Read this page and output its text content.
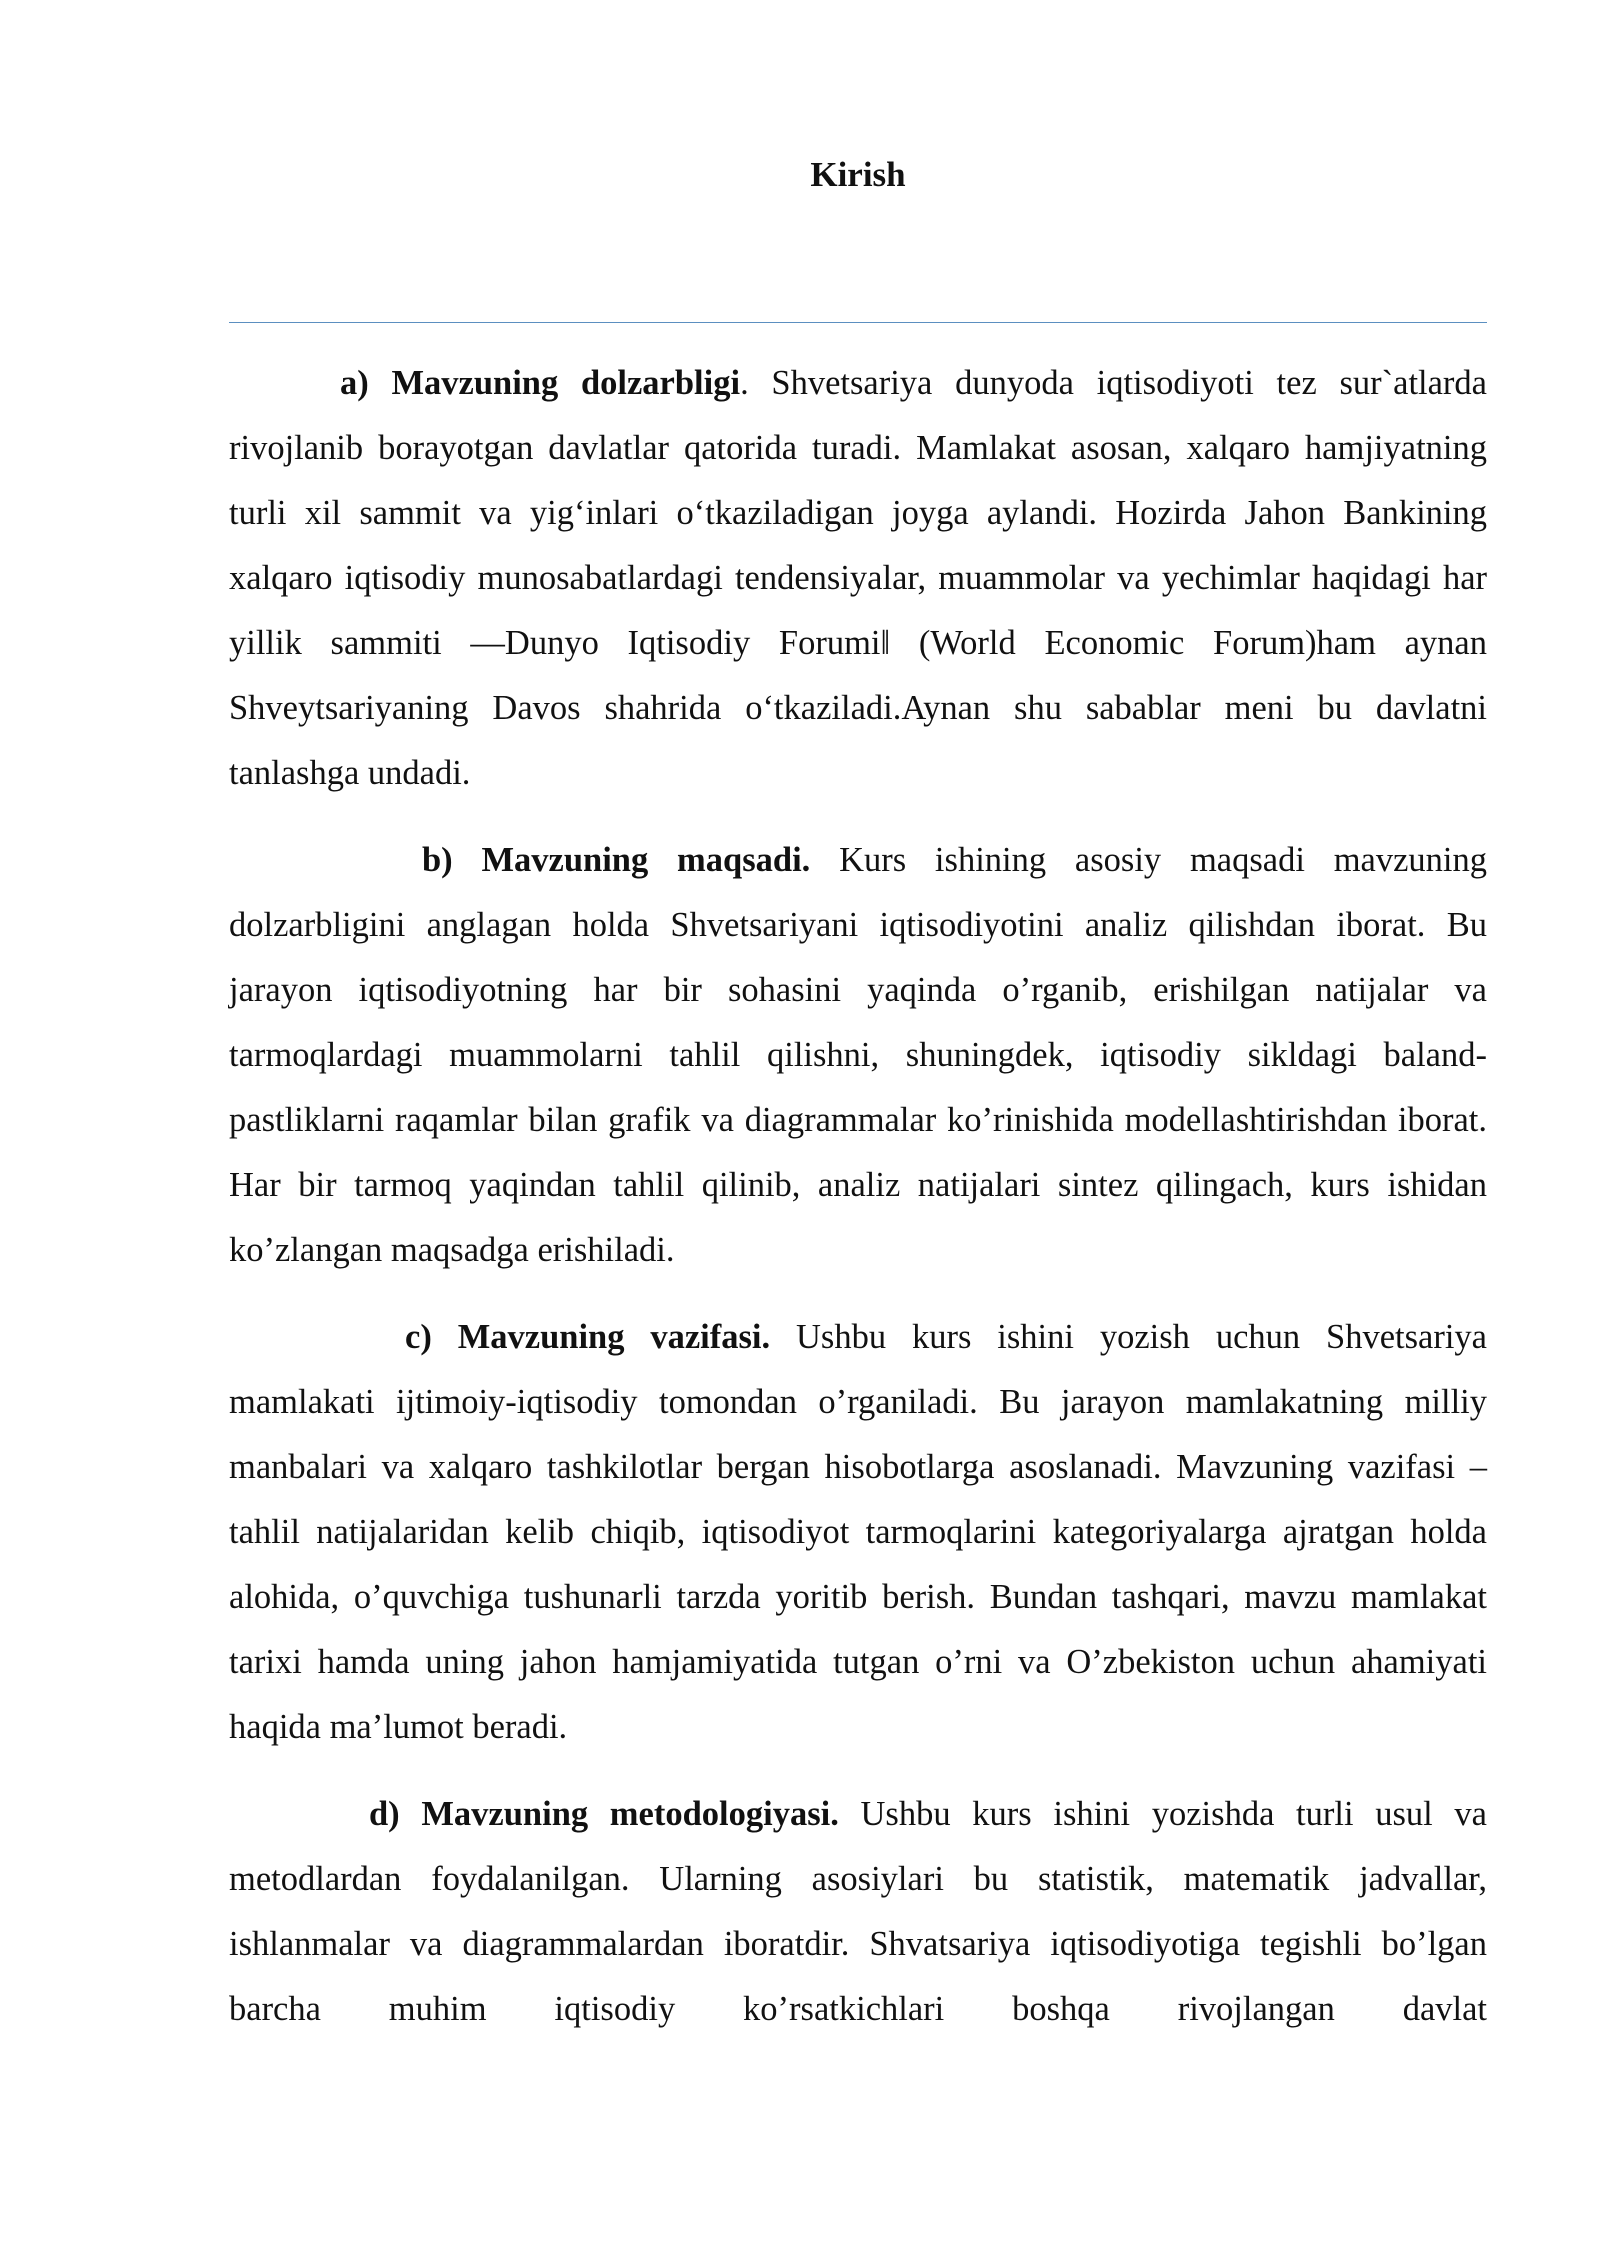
Kirish

a) Mavzuning dolzarbligi. Shvetsariya dunyoda iqtisodiyoti tez sur`atlarda rivojlanib borayotgan davlatlar qatorida turadi. Mamlakat asosan, xalqaro hamjiyatning turli xil sammit va yig‘inlari o‘tkaziladigan joyga aylandi. Hozirda Jahon Bankining xalqaro iqtisodiy munosabatlardagi tendensiyalar, muammolar va yechimlar haqidagi har yillik sammiti ―Dunyo Iqtisodiy Forumi‖ (World Economic Forum)ham aynan Shveytsariyaning Davos shahrida o‘tkaziladi.Aynan shu sabablar meni bu davlatni tanlashga undadi.

b) Mavzuning maqsadi. Kurs ishining asosiy maqsadi mavzuning dolzarbligini anglagan holda Shvetsariyani iqtisodiyotini analiz qilishdan iborat. Bu jarayon iqtisodiyotning har bir sohasini yaqinda o’rganib, erishilgan natijalar va tarmoqlardagi muammolarni tahlil qilishni, shuningdek, iqtisodiy sikldagi baland-pastliklarni raqamlar bilan grafik va diagrammalar ko’rinishida modellashtirishdan iborat. Har bir tarmoq yaqindan tahlil qilinib, analiz natijalari sintez qilingach, kurs ishidan ko’zlangan maqsadga erishiladi.

c) Mavzuning vazifasi. Ushbu kurs ishini yozish uchun Shvetsariya mamlakati ijtimoiy-iqtisodiy tomondan o’rganiladi. Bu jarayon mamlakatning milliy manbalari va xalqaro tashkilotlar bergan hisobotlarga asoslanadi. Mavzuning vazifasi – tahlil natijalaridan kelib chiqib, iqtisodiyot tarmoqlarini kategoriyalarga ajratgan holda alohida, o’quvchiga tushunarli tarzda yoritib berish. Bundan tashqari, mavzu mamlakat tarixi hamda uning jahon hamjamiyatida tutgan o’rni va O’zbekiston uchun ahamiyati haqida ma’lumot beradi.

d) Mavzuning metodologiyasi. Ushbu kurs ishini yozishda turli usul va metodlardan foydalanilgan. Ularning asosiylari bu statistik, matematik jadvallar, ishlanmalar va diagrammalardan iboratdir. Shvatsariya iqtisodiyotiga tegishli bo’lgan barcha muhim iqtisodiy ko’rsatkichlari boshqa rivojlangan davlat
